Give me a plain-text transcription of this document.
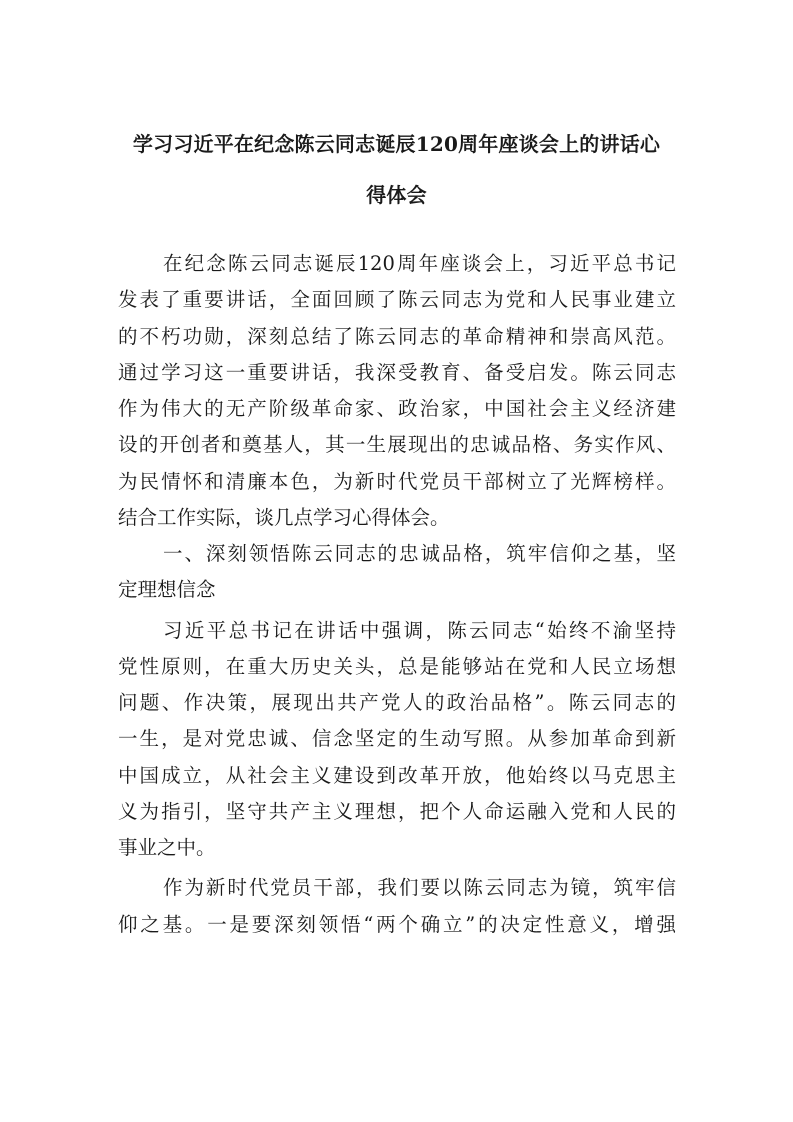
学习习近平在纪念陈云同志诞辰120周年座谈会上的讲话心
得体会
在纪念陈云同志诞辰120周年座谈会上，习近平总书记
发表了重要讲话，全面回顾了陈云同志为党和人民事业建立
的不朽功勋，深刻总结了陈云同志的革命精神和崇高风范。
通过学习这一重要讲话，我深受教育、备受启发。陈云同志
作为伟大的无产阶级革命家、政治家，中国社会主义经济建
设的开创者和奠基人，其一生展现出的忠诚品格、务实作风、
为民情怀和清廉本色，为新时代党员干部树立了光辉榜样。
结合工作实际，谈几点学习心得体会。
一、深刻领悟陈云同志的忠诚品格，筑牢信仰之基，坚
定理想信念
习近平总书记在讲话中强调，陈云同志“始终不渝坚持
党性原则，在重大历史关头，总是能够站在党和人民立场想
问题、作决策，展现出共产党人的政治品格”。陈云同志的
一生，是对党忠诚、信念坚定的生动写照。从参加革命到新
中国成立，从社会主义建设到改革开放，他始终以马克思主
义为指引，坚守共产主义理想，把个人命运融入党和人民的
事业之中。
作为新时代党员干部，我们要以陈云同志为镜，筑牢信
仰之基。一是要深刻领悟“两个确立”的决定性意义，增强
